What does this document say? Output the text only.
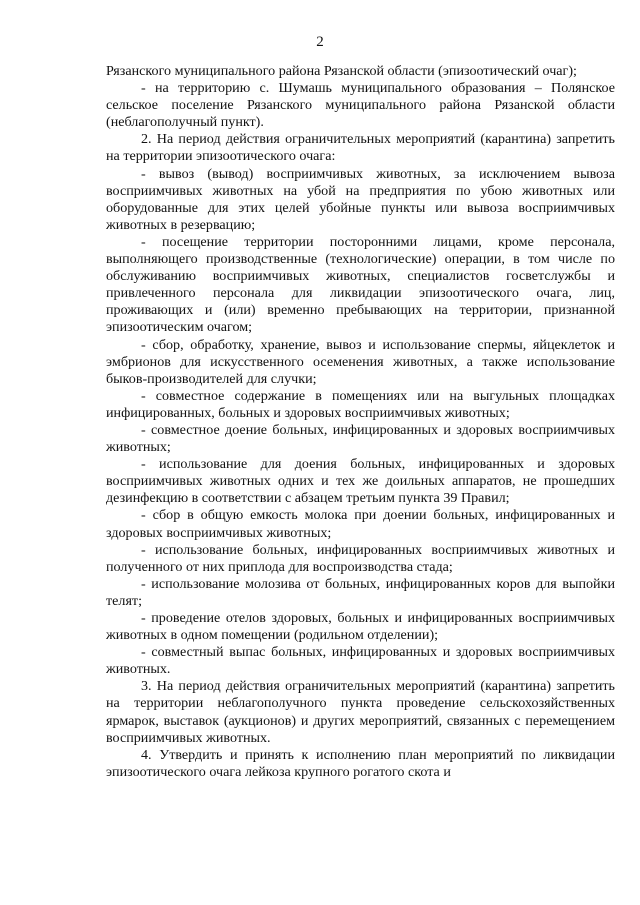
2

Рязанского муниципального района Рязанской области (эпизоотический очаг);

- на территорию с. Шумашь муниципального образования – Полянское сельское поселение Рязанского муниципального района Рязанской области (неблагополучный пункт).

2. На период действия ограничительных мероприятий (карантина) запретить на территории эпизоотического очага:

- вывоз (вывод) восприимчивых животных, за исключением вывоза восприимчивых животных на убой на предприятия по убою животных или оборудованные для этих целей убойные пункты или вывоза восприимчивых животных в резервацию;

- посещение территории посторонними лицами, кроме персонала, выполняющего производственные (технологические) операции, в том числе по обслуживанию восприимчивых животных, специалистов госветслужбы и привлеченного персонала для ликвидации эпизоотического очага, лиц, проживающих и (или) временно пребывающих на территории, признанной эпизоотическим очагом;

- сбор, обработку, хранение, вывоз и использование спермы, яйцеклеток и эмбрионов для искусственного осеменения животных, а также использование быков-производителей для случки;

- совместное содержание в помещениях или на выгульных площадках инфицированных, больных и здоровых восприимчивых животных;

- совместное доение больных, инфицированных и здоровых восприимчивых животных;

- использование для доения больных, инфицированных и здоровых восприимчивых животных одних и тех же доильных аппаратов, не прошедших дезинфекцию в соответствии с абзацем третьим пункта 39 Правил;

- сбор в общую емкость молока при доении больных, инфицированных и здоровых восприимчивых животных;

- использование больных, инфицированных восприимчивых животных и полученного от них приплода для воспроизводства стада;

- использование молозива от больных, инфицированных коров для выпойки телят;

- проведение отелов здоровых, больных и инфицированных восприимчивых животных в одном помещении (родильном отделении);

- совместный выпас больных, инфицированных и здоровых восприимчивых животных.

3. На период действия ограничительных мероприятий (карантина) запретить на территории неблагополучного пункта проведение сельскохозяйственных ярмарок, выставок (аукционов) и других мероприятий, связанных с перемещением восприимчивых животных.

4. Утвердить и принять к исполнению план мероприятий по ликвидации эпизоотического очага лейкоза крупного рогатого скота и
